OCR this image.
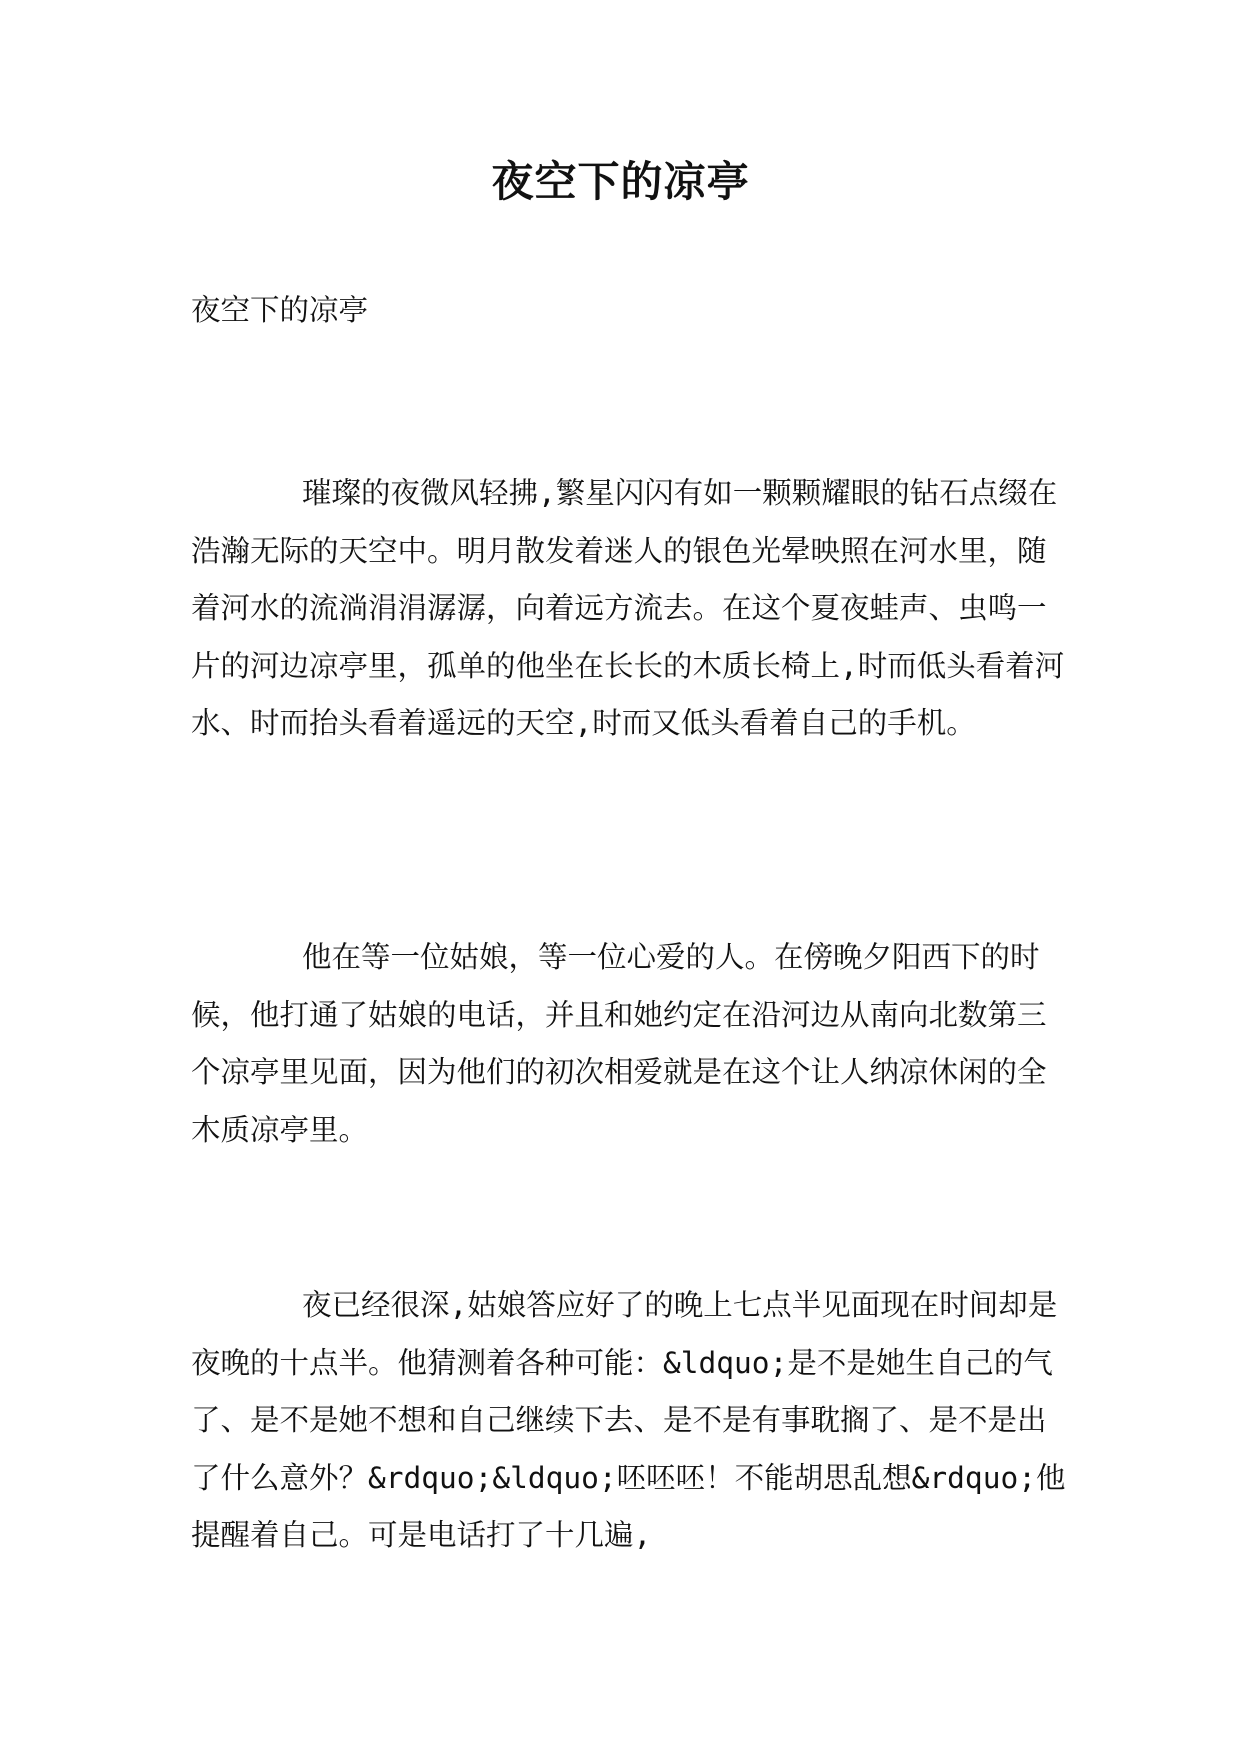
夜空下的凉亭

夜空下的凉亭

璀璨的夜微风轻拂,繁星闪闪有如一颗颗耀眼的钻石点缀在浩瀚无际的天空中。明月散发着迷人的银色光晕映照在河水里，随着河水的流淌涓涓潺潺，向着远方流去。在这个夏夜蛙声、虫鸣一片的河边凉亭里，孤单的他坐在长长的木质长椅上,时而低头看着河水、时而抬头看着遥远的天空,时而又低头看着自己的手机。

他在等一位姑娘，等一位心爱的人。在傍晚夕阳西下的时候，他打通了姑娘的电话，并且和她约定在沿河边从南向北数第三个凉亭里见面，因为他们的初次相爱就是在这个让人纳凉休闲的全木质凉亭里。

夜已经很深,姑娘答应好了的晚上七点半见面现在时间却是夜晚的十点半。他猜测着各种可能：&ldquo;是不是她生自己的气了、是不是她不想和自己继续下去、是不是有事耽搁了、是不是出了什么意外？&rdquo;&ldquo;呸呸呸！不能胡思乱想&rdquo;他提醒着自己。可是电话打了十几遍,
